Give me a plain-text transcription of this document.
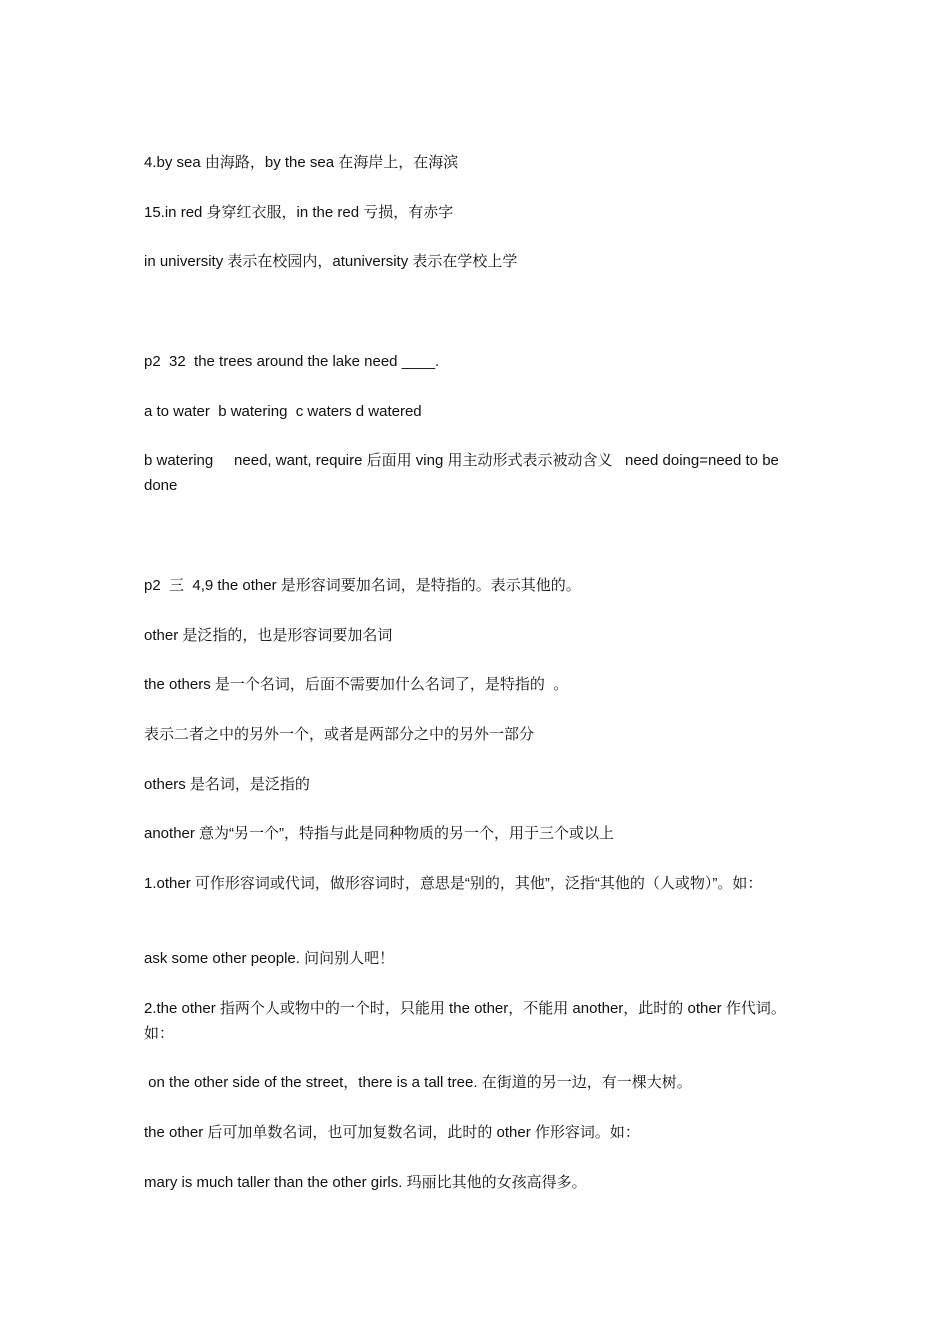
4.by sea 由海路，by the sea 在海岸上，在海滨

15.in red 身穿红衣服，in the red 亏损，有赤字

in university 表示在校园内，atuniversity 表示在学校上学

p2  32  the trees around the lake need ____.

a to water  b watering  c waters d watered

b watering     need, want, require 后面用 ving 用主动形式表示被动含义   need doing=need to be done

p2  三  4,9 the other 是形容词要加名词，是特指的。表示其他的。

other 是泛指的，也是形容词要加名词

the others 是一个名词，后面不需要加什么名词了，是特指的  。

表示二者之中的另外一个，或者是两部分之中的另外一部分

others 是名词，是泛指的

another 意为“另一个”，特指与此是同种物质的另一个，用于三个或以上

1.other 可作形容词或代词，做形容词时，意思是“别的，其他”，泛指“其他的（人或物）”。如：

ask some other people. 问问别人吧！

2.the other 指两个人或物中的一个时，只能用 the other，不能用 another，此时的 other 作代词。如：

on the other side of the street，there is a tall tree. 在街道的另一边，有一棵大树。

the other 后可加单数名词，也可加复数名词，此时的 other 作形容词。如：

mary is much taller than the other girls. 玛丽比其他的女孩高得多。
